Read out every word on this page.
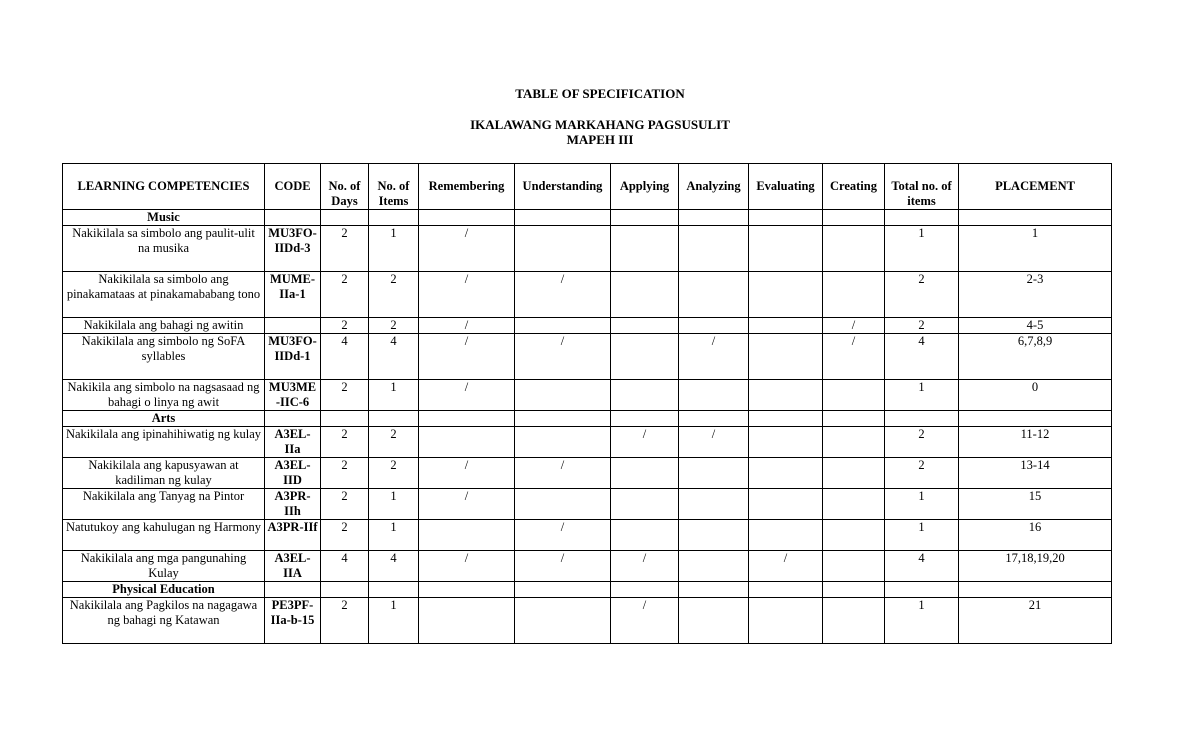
TABLE OF SPECIFICATION
IKALAWANG MARKAHANG PAGSUSULIT
MAPEH III
LEARNING COMPETENCIES	CODE	No. of Days	No. of Items	Remembering	Understanding	Applying	Analyzing	Evaluating	Creating	Total no. of items	PLACEMENT
Music											
Nakikilala sa simbolo ang paulit-ulit na musika	MU3FO-IIDd-3	2	1	/						1	1
Nakikilala sa simbolo ang pinakamataas at pinakamababang tono	MUME-IIa-1	2	2	/	/					2	2-3
Nakikilala ang bahagi ng awitin		2	2	/					/	2	4-5
Nakikilala ang simbolo ng SoFA syllables	MU3FO-IIDd-1	4	4	/	/		/		/	4	6,7,8,9
Nakikila ang simbolo na nagsasaad ng bahagi o linya ng awit	MU3ME-IIC-6	2	1	/						1	0
Arts											
Nakikilala ang ipinahihiwatig ng kulay	A3EL-IIa	2	2			/	/			2	11-12
Nakikilala ang kapusyawan at kadiliman ng kulay	A3EL-IID	2	2	/	/					2	13-14
Nakikilala ang Tanyag na Pintor	A3PR-IIh	2	1	/						1	15
Natutukoy ang kahulugan ng Harmony	A3PR-IIf	2	1		/					1	16
Nakikilala ang mga pangunahing Kulay	A3EL-IIA	4	4	/	/	/		/		4	17,18,19,20
Physical Education											
Nakikilala ang Pagkilos na nagagawa ng bahagi ng Katawan	PE3PF-IIa-b-15	2	1			/				1	21
